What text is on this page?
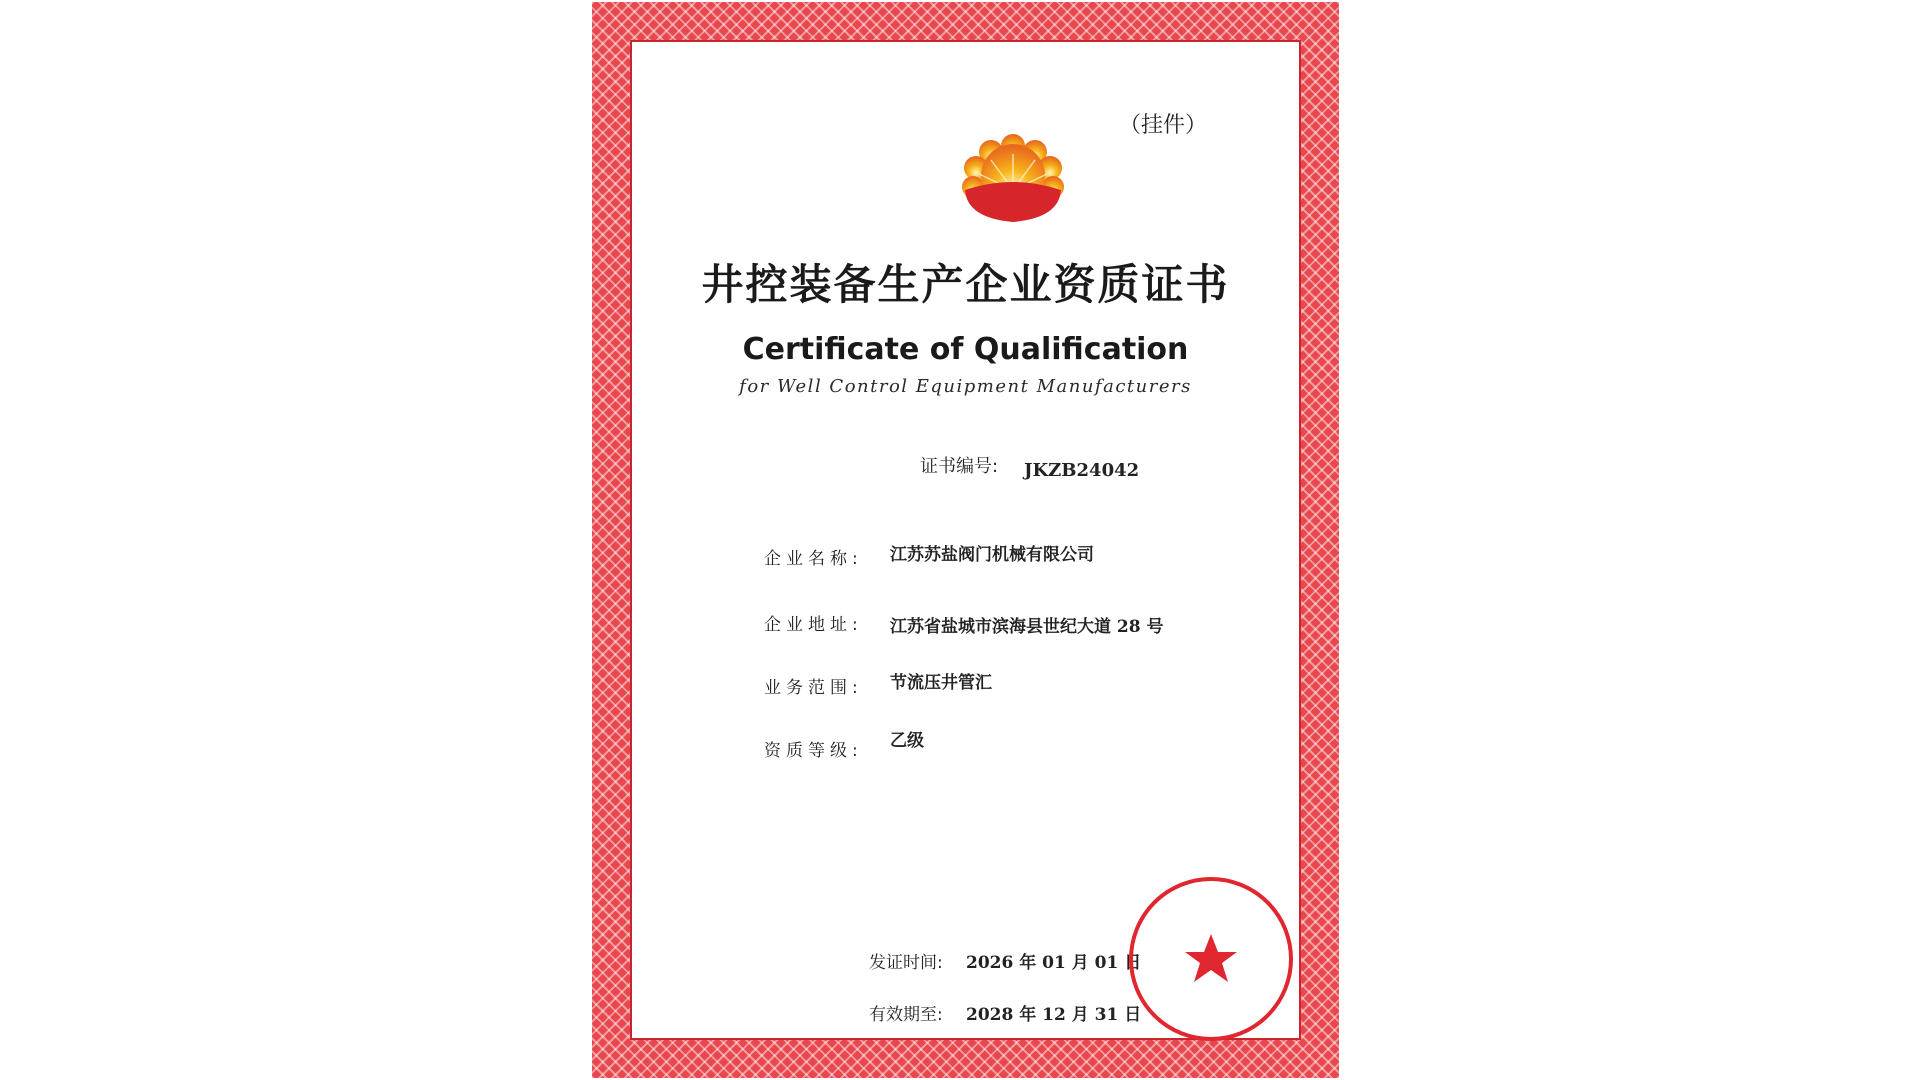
（挂件）
井控装备生产企业资质证书
Certificate of Qualification
for Well Control Equipment Manufacturers
证书编号: JKZB24042
企业名称: 江苏苏盐阀门机械有限公司
企业地址: 江苏省盐城市滨海县世纪大道 28 号
业务范围: 节流压井管汇
资质等级: 乙级
发证时间: 2026 年 01 月 01 日
有效期至: 2028 年 12 月 31 日
